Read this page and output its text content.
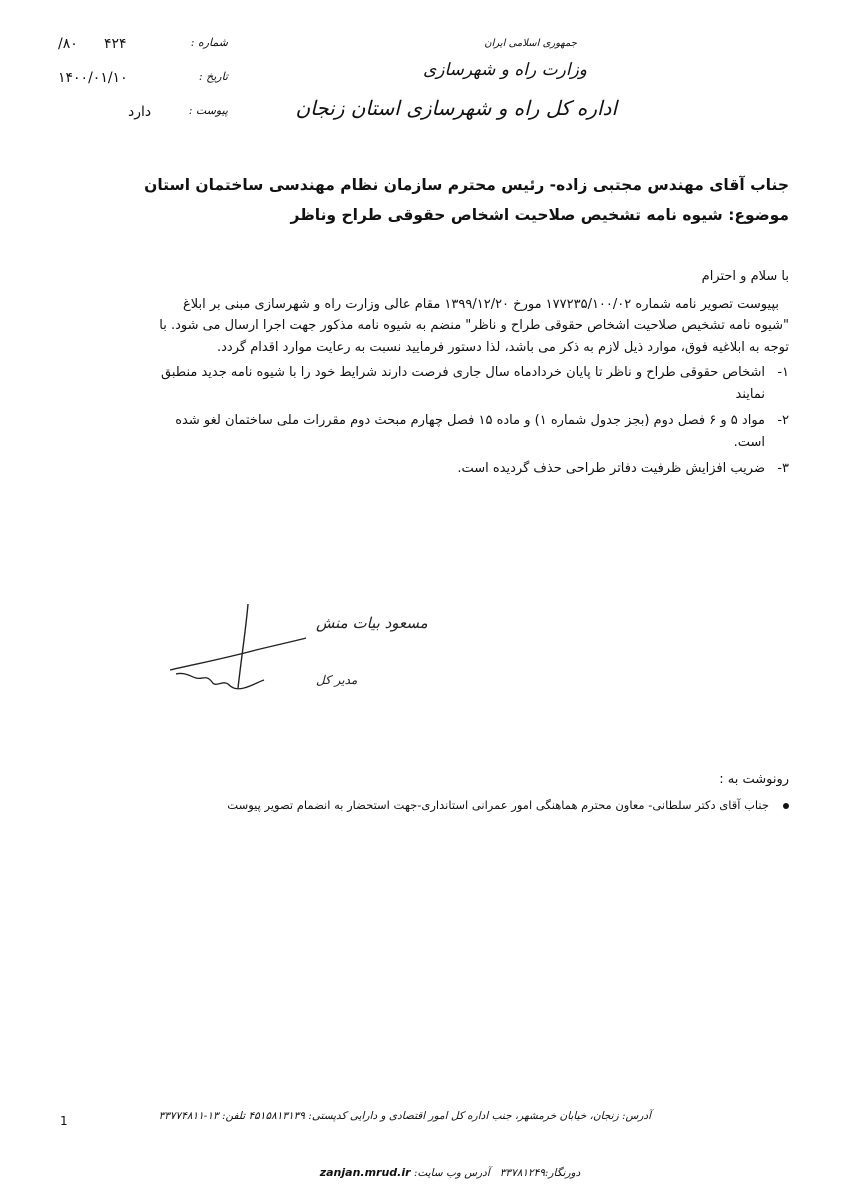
جمهوری اسلامی ایران
وزارت راه و شهرسازی
اداره کل راه و شهرسازی استان زنجان
شماره :
۸۰/ ۴۲۴
تاریخ :
۱۴۰۰/۰۱/۱۰
پیوست :
دارد
جناب آقای مهندس مجتبی زاده- رئیس محترم سازمان نظام مهندسی ساختمان استان
موضوع: شیوه نامه تشخیص صلاحیت اشخاص حقوقی طراح وناظر
با سلام و احترام
بپیوست تصویر نامه شماره ۱۷۷۲۳۵/۱۰۰/۰۲ مورخ ۱۳۹۹/۱۲/۲۰ مقام عالی وزارت راه و شهرسازی مبنی بر ابلاغ "شیوه نامه تشخیص صلاحیت اشخاص حقوقی طراح و ناظر" منضم به شیوه نامه مذکور جهت اجرا ارسال می شود. با توجه به ابلاغیه فوق، موارد ذیل لازم به ذکر می باشد، لذا دستور فرمایید نسبت به رعایت موارد اقدام گردد.
۱-
اشخاص حقوقی طراح و ناظر تا پایان خردادماه سال جاری فرصت دارند شرایط خود را با شیوه نامه جدید منطبق نمایند
۲-
مواد ۵ و ۶ فصل دوم (بجز جدول شماره ۱) و ماده ۱۵ فصل چهارم مبحث دوم مقررات ملی ساختمان لغو شده است.
۳-
ضریب افزایش ظرفیت دفاتر طراحی حذف گردیده است.
مسعود بیات منش
مدیر کل
رونوشت به :
جناب آقای دکتر سلطانی- معاون محترم هماهنگی امور عمرانی استانداری-جهت استحضار به انضمام تصویر پیوست
1	آدرس: زنجان، خیابان خرمشهر، جنب اداره کل امور اقتصادی و دارایی کدپستی: ۴۵۱۵۸۱۳۱۳۹ تلفن: ۱۳-۳۳۷۷۴۸۱۱
دورنگار:۳۳۷۸۱۲۴۹   آدرس وب سایت: zanjan.mrud.ir
